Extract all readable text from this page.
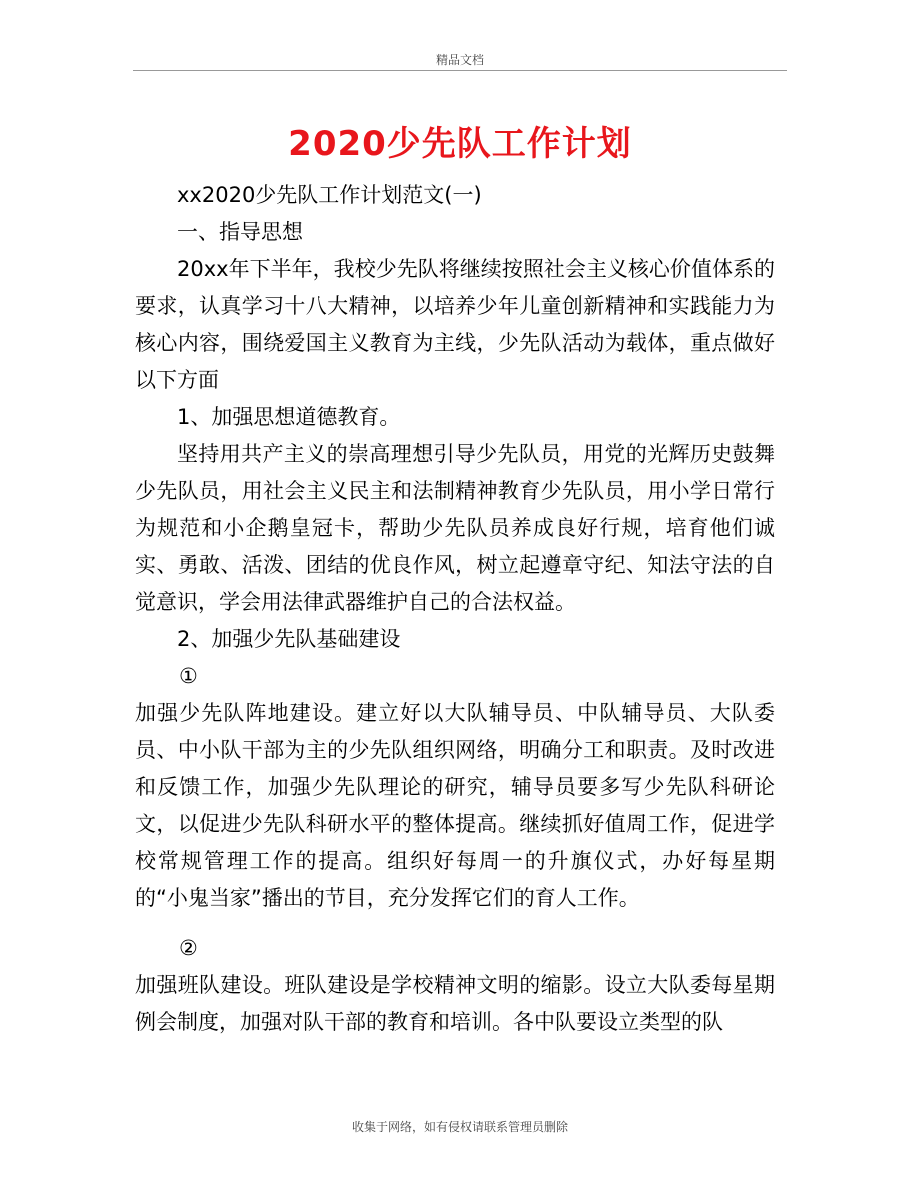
精品文档
2020少先队工作计划

xx2020少先队工作计划范文(一)

一、指导思想

20xx年下半年，我校少先队将继续按照社会主义核心价值体系的要求，认真学习十八大精神，以培养少年儿童创新精神和实践能力为核心内容，围绕爱国主义教育为主线，少先队活动为载体，重点做好以下方面

1、加强思想道德教育。

坚持用共产主义的崇高理想引导少先队员，用党的光辉历史鼓舞少先队员，用社会主义民主和法制精神教育少先队员，用小学日常行为规范和小企鹅皇冠卡，帮助少先队员养成良好行规，培育他们诚实、勇敢、活泼、团结的优良作风，树立起遵章守纪、知法守法的自觉意识，学会用法律武器维护自己的合法权益。

2、加强少先队基础建设

①

加强少先队阵地建设。建立好以大队辅导员、中队辅导员、大队委员、中小队干部为主的少先队组织网络，明确分工和职责。及时改进和反馈工作，加强少先队理论的研究，辅导员要多写少先队科研论文，以促进少先队科研水平的整体提高。继续抓好值周工作，促进学校常规管理工作的提高。组织好每周一的升旗仪式，办好每星期的“小鬼当家”播出的节目，充分发挥它们的育人工作。

②

加强班队建设。班队建设是学校精神文明的缩影。设立大队委每星期例会制度，加强对队干部的教育和培训。各中队要设立类型的队

收集于网络，如有侵权请联系管理员删除
